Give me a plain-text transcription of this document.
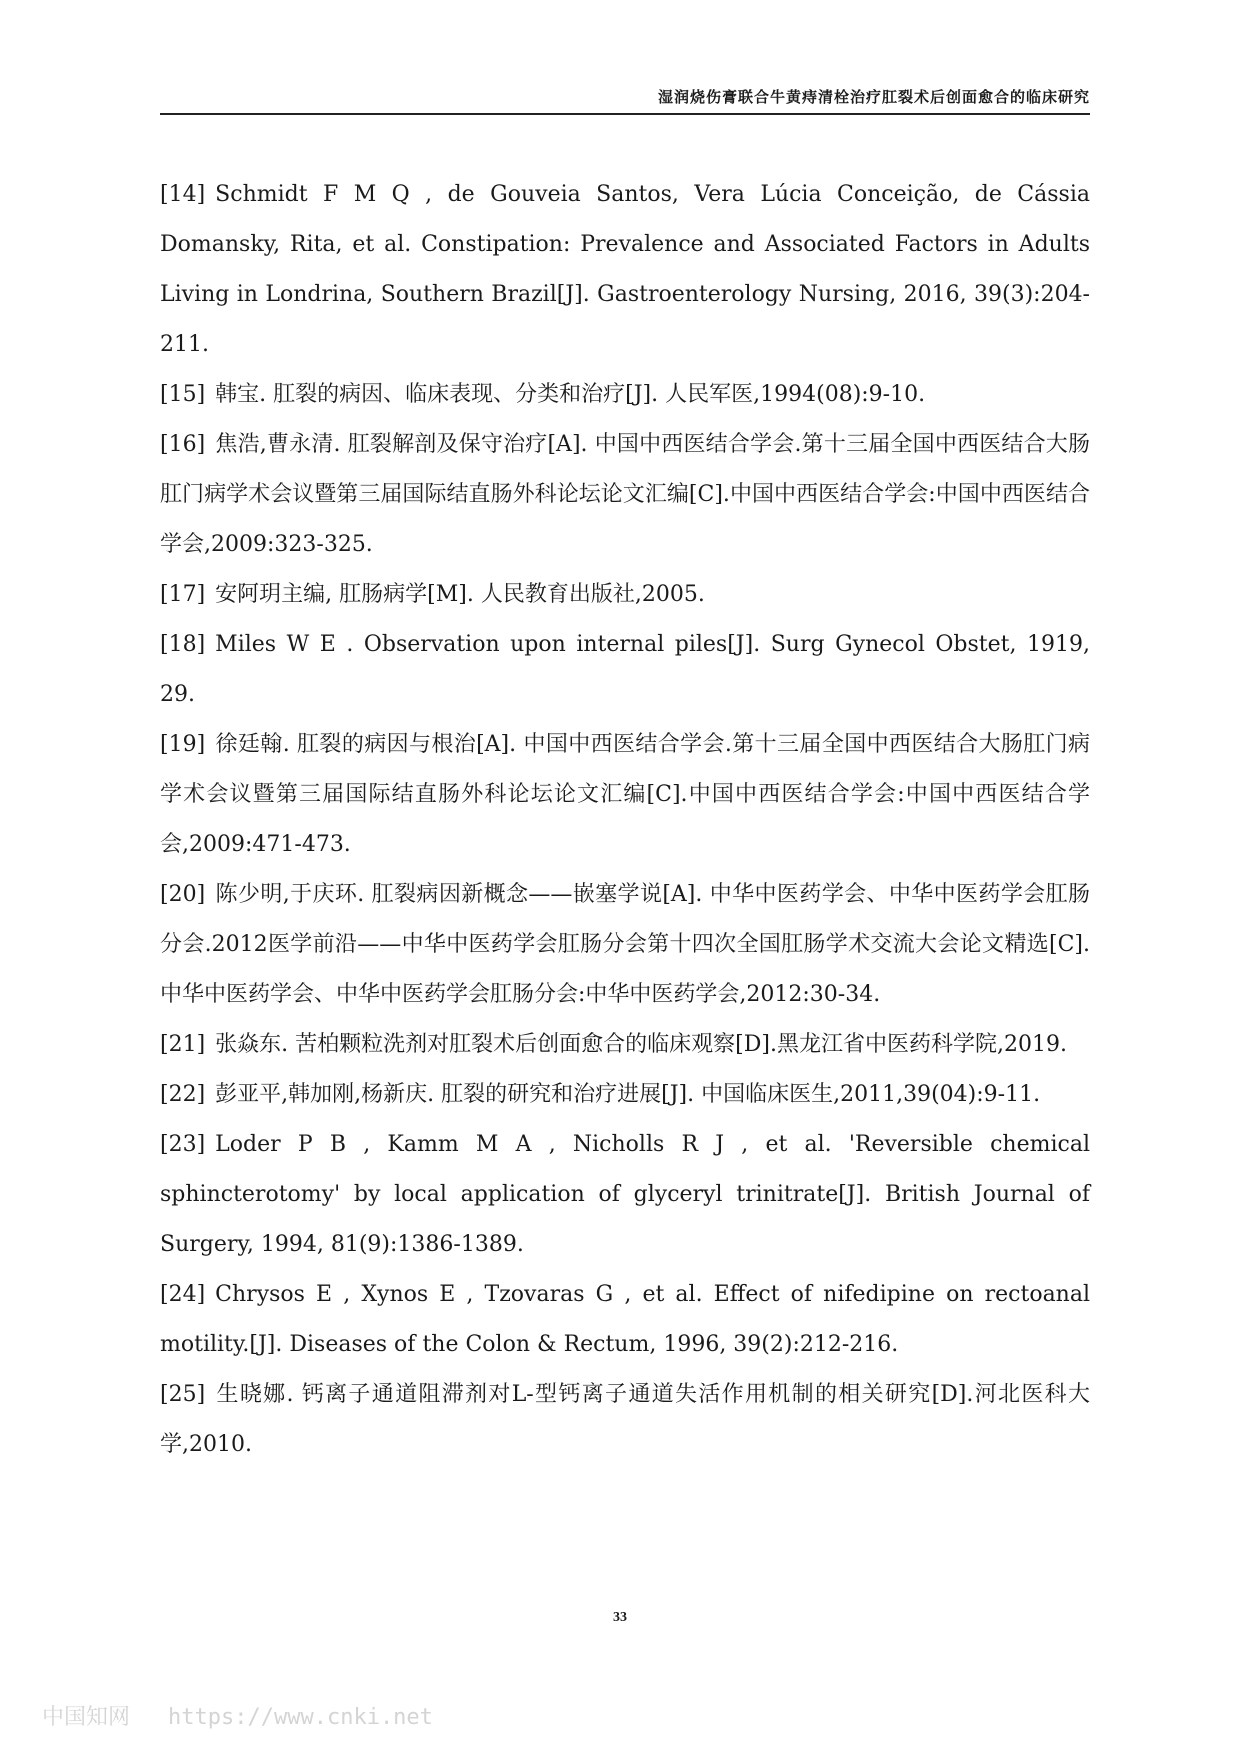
湿润烧伤膏联合牛黄痔清栓治疗肛裂术后创面愈合的临床研究

[14] Schmidt F M Q , de Gouveia Santos, Vera Lúcia Conceição, de Cássia Domansky, Rita, et al. Constipation: Prevalence and Associated Factors in Adults Living in Londrina, Southern Brazil[J]. Gastroenterology Nursing, 2016, 39(3):204-211.

[15] 韩宝. 肛裂的病因、临床表现、分类和治疗[J]. 人民军医,1994(08):9-10.

[16] 焦浩,曹永清. 肛裂解剖及保守治疗[A]. 中国中西医结合学会.第十三届全国中西医结合大肠肛门病学术会议暨第三届国际结直肠外科论坛论文汇编[C].中国中西医结合学会:中国中西医结合学会,2009:323-325.

[17] 安阿玥主编, 肛肠病学[M]. 人民教育出版社,2005.

[18] Miles W E . Observation upon internal piles[J]. Surg Gynecol Obstet, 1919, 29.

[19] 徐廷翰. 肛裂的病因与根治[A]. 中国中西医结合学会.第十三届全国中西医结合大肠肛门病学术会议暨第三届国际结直肠外科论坛论文汇编[C].中国中西医结合学会:中国中西医结合学会,2009:471-473.

[20] 陈少明,于庆环. 肛裂病因新概念——嵌塞学说[A]. 中华中医药学会、中华中医药学会肛肠分会.2012医学前沿——中华中医药学会肛肠分会第十四次全国肛肠学术交流大会论文精选[C].中华中医药学会、中华中医药学会肛肠分会:中华中医药学会,2012:30-34.

[21] 张焱东. 苦柏颗粒洗剂对肛裂术后创面愈合的临床观察[D].黑龙江省中医药科学院,2019.

[22] 彭亚平,韩加刚,杨新庆. 肛裂的研究和治疗进展[J]. 中国临床医生,2011,39(04):9-11.

[23] Loder P B , Kamm M A , Nicholls R J , et al. 'Reversible chemical sphincterotomy' by local application of glyceryl trinitrate[J]. British Journal of Surgery, 1994, 81(9):1386-1389.

[24] Chrysos E , Xynos E , Tzovaras G , et al. Effect of nifedipine on rectoanal motility.[J]. Diseases of the Colon & Rectum, 1996, 39(2):212-216.

[25] 生晓娜. 钙离子通道阻滞剂对L-型钙离子通道失活作用机制的相关研究[D].河北医科大学,2010.

33
中国知网 https://www.cnki.net
